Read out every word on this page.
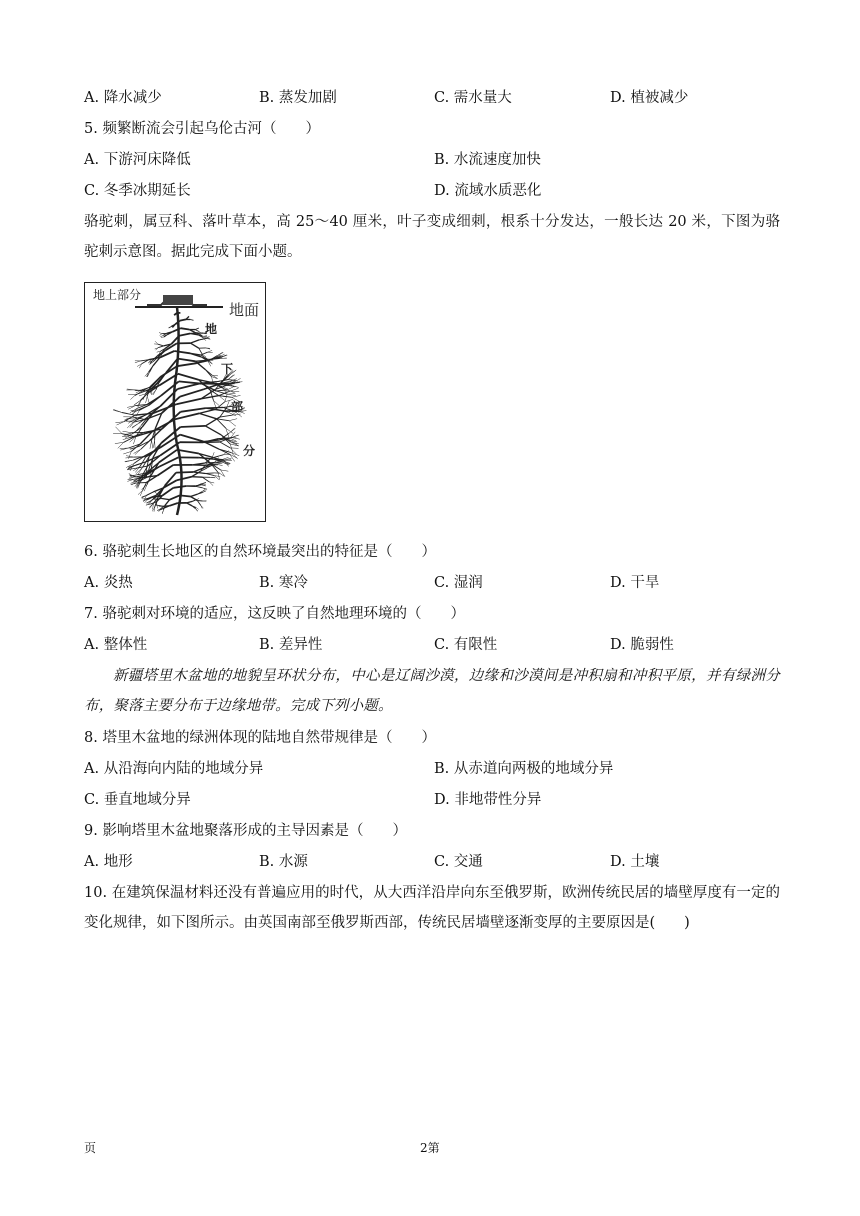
A. 降水减少	B. 蒸发加剧	C. 需水量大	D. 植被减少
5. 频繁断流会引起乌伦古河（　　）
A. 下游河床降低	B. 水流速度加快
C. 冬季冰期延长	D. 流域水质恶化
骆驼刺，属豆科、落叶草本，高 25～40 厘米，叶子变成细刺，根系十分发达，一般长达 20 米，下图为骆驼刺示意图。据此完成下面小题。
地上部分
地面
地
下
部
分
6. 骆驼刺生长地区的自然环境最突出的特征是（　　）
A. 炎热	B. 寒冷	C. 湿润	D. 干旱
7. 骆驼刺对环境的适应，这反映了自然地理环境的（　　）
A. 整体性	B. 差异性	C. 有限性	D. 脆弱性
新疆塔里木盆地的地貌呈环状分布，中心是辽阔沙漠，边缘和沙漠间是冲积扇和冲积平原，并有绿洲分布，聚落主要分布于边缘地带。完成下列小题。
8. 塔里木盆地的绿洲体现的陆地自然带规律是（　　）
A. 从沿海向内陆的地域分异	B. 从赤道向两极的地域分异
C. 垂直地域分异	D. 非地带性分异
9. 影响塔里木盆地聚落形成的主导因素是（　　）
A. 地形	B. 水源	C. 交通	D. 土壤
10. 在建筑保温材料还没有普遍应用的时代，从大西洋沿岸向东至俄罗斯，欧洲传统民居的墙壁厚度有一定的变化规律，如下图所示。由英国南部至俄罗斯西部，传统民居墙壁逐渐变厚的主要原因是(　　)
页	2第
